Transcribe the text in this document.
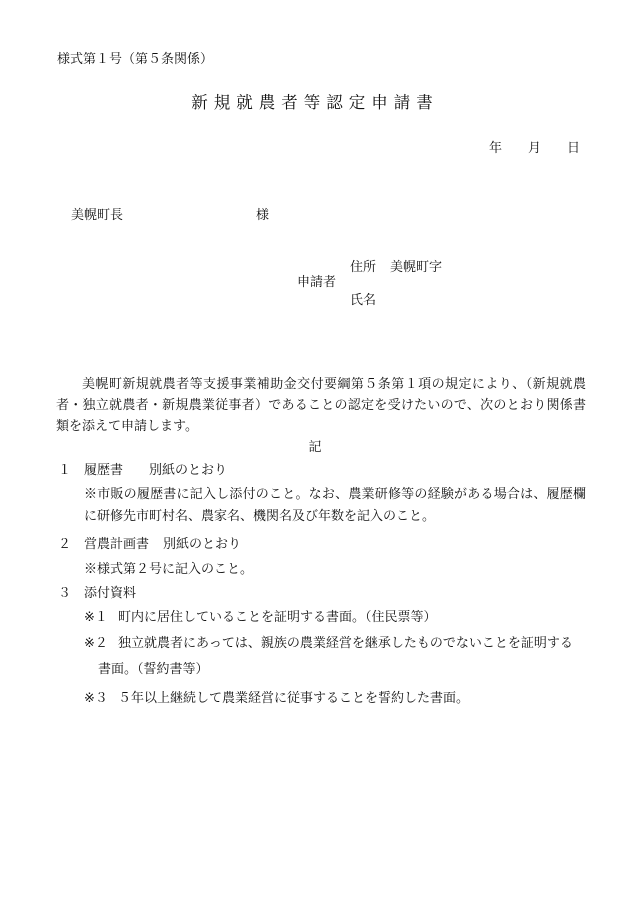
様式第１号（第５条関係）
新規就農者等認定申請書
年 月 日
美幌町長	様
住所 美幌町字
申請者
氏名
美幌町新規就農者等支援事業補助金交付要綱第５条第１項の規定により、（新規就農者・独立就農者・新規農業従事者）であることの認定を受けたいので、次のとおり関係書類を添えて申請します。
記
１ 履歴書 別紙のとおり
※市販の履歴書に記入し添付のこと。なお、農業研修等の経験がある場合は、履歴欄に研修先市町村名、農家名、機関名及び年数を記入のこと。
２ 営農計画書 別紙のとおり
※様式第２号に記入のこと。
３ 添付資料
※１ 町内に居住していることを証明する書面。（住民票等）
※２ 独立就農者にあっては、親族の農業経営を継承したものでないことを証明する
書面。（誓約書等）
※３ ５年以上継続して農業経営に従事することを誓約した書面。
